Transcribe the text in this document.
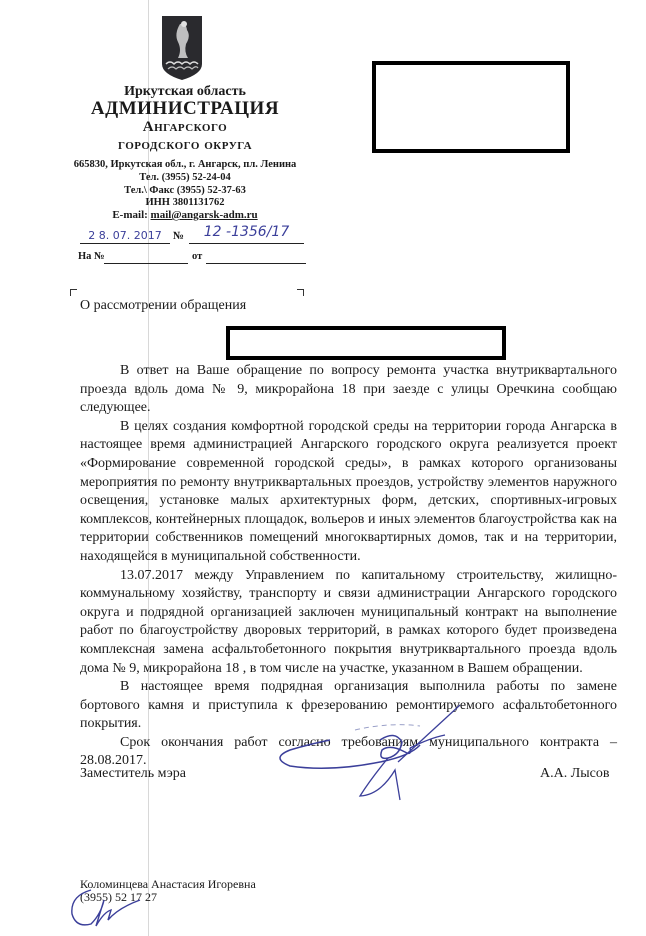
Иркутская область
АДМИНИСТРАЦИЯ
Ангарского
городского округа
665830, Иркутская обл., г. Ангарск, пл. Ленина
Тел. (3955) 52-24-04
Тел.\ Факс (3955) 52-37-63
ИНН 3801131762
E-mail: mail@angarsk-adm.ru
2 8. 07. 2017	№	12 -1356/17
На №	от
О рассмотрении обращения

В ответ на Ваше обращение по вопросу ремонта участка внутриквартального проезда вдоль дома № 9, микрорайона 18 при заезде с улицы Оречкина сообщаю следующее.

В целях создания комфортной городской среды на территории города Ангарска в настоящее время администрацией Ангарского городского округа реализуется проект «Формирование современной городской среды», в рамках которого организованы мероприятия по ремонту внутриквартальных проездов, устройству элементов наружного освещения, установке малых архитектурных форм, детских, спортивных-игровых комплексов, контейнерных площадок, вольеров и иных элементов благоустройства как на территории собственников помещений многоквартирных домов, так и на территории, находящейся в муниципальной собственности.

13.07.2017 между Управлением по капитальному строительству, жилищно-коммунальному хозяйству, транспорту и связи администрации Ангарского городского округа и подрядной организацией заключен муниципальный контракт на выполнение работ по благоустройству дворовых территорий, в рамках которого будет произведена комплексная замена асфальтобетонного покрытия внутриквартального проезда вдоль дома № 9, микрорайона 18 , в том числе на участке, указанном в Вашем обращении.

В настоящее время подрядная организация выполнила работы по замене бортового камня и приступила к фрезерованию ремонтируемого асфальтобетонного покрытия.

Срок окончания работ согласно требованиям муниципального контракта – 28.08.2017.

Заместитель мэра	А.А. Лысов
Коломинцева Анастасия Игоревна
(3955) 52 17 27
